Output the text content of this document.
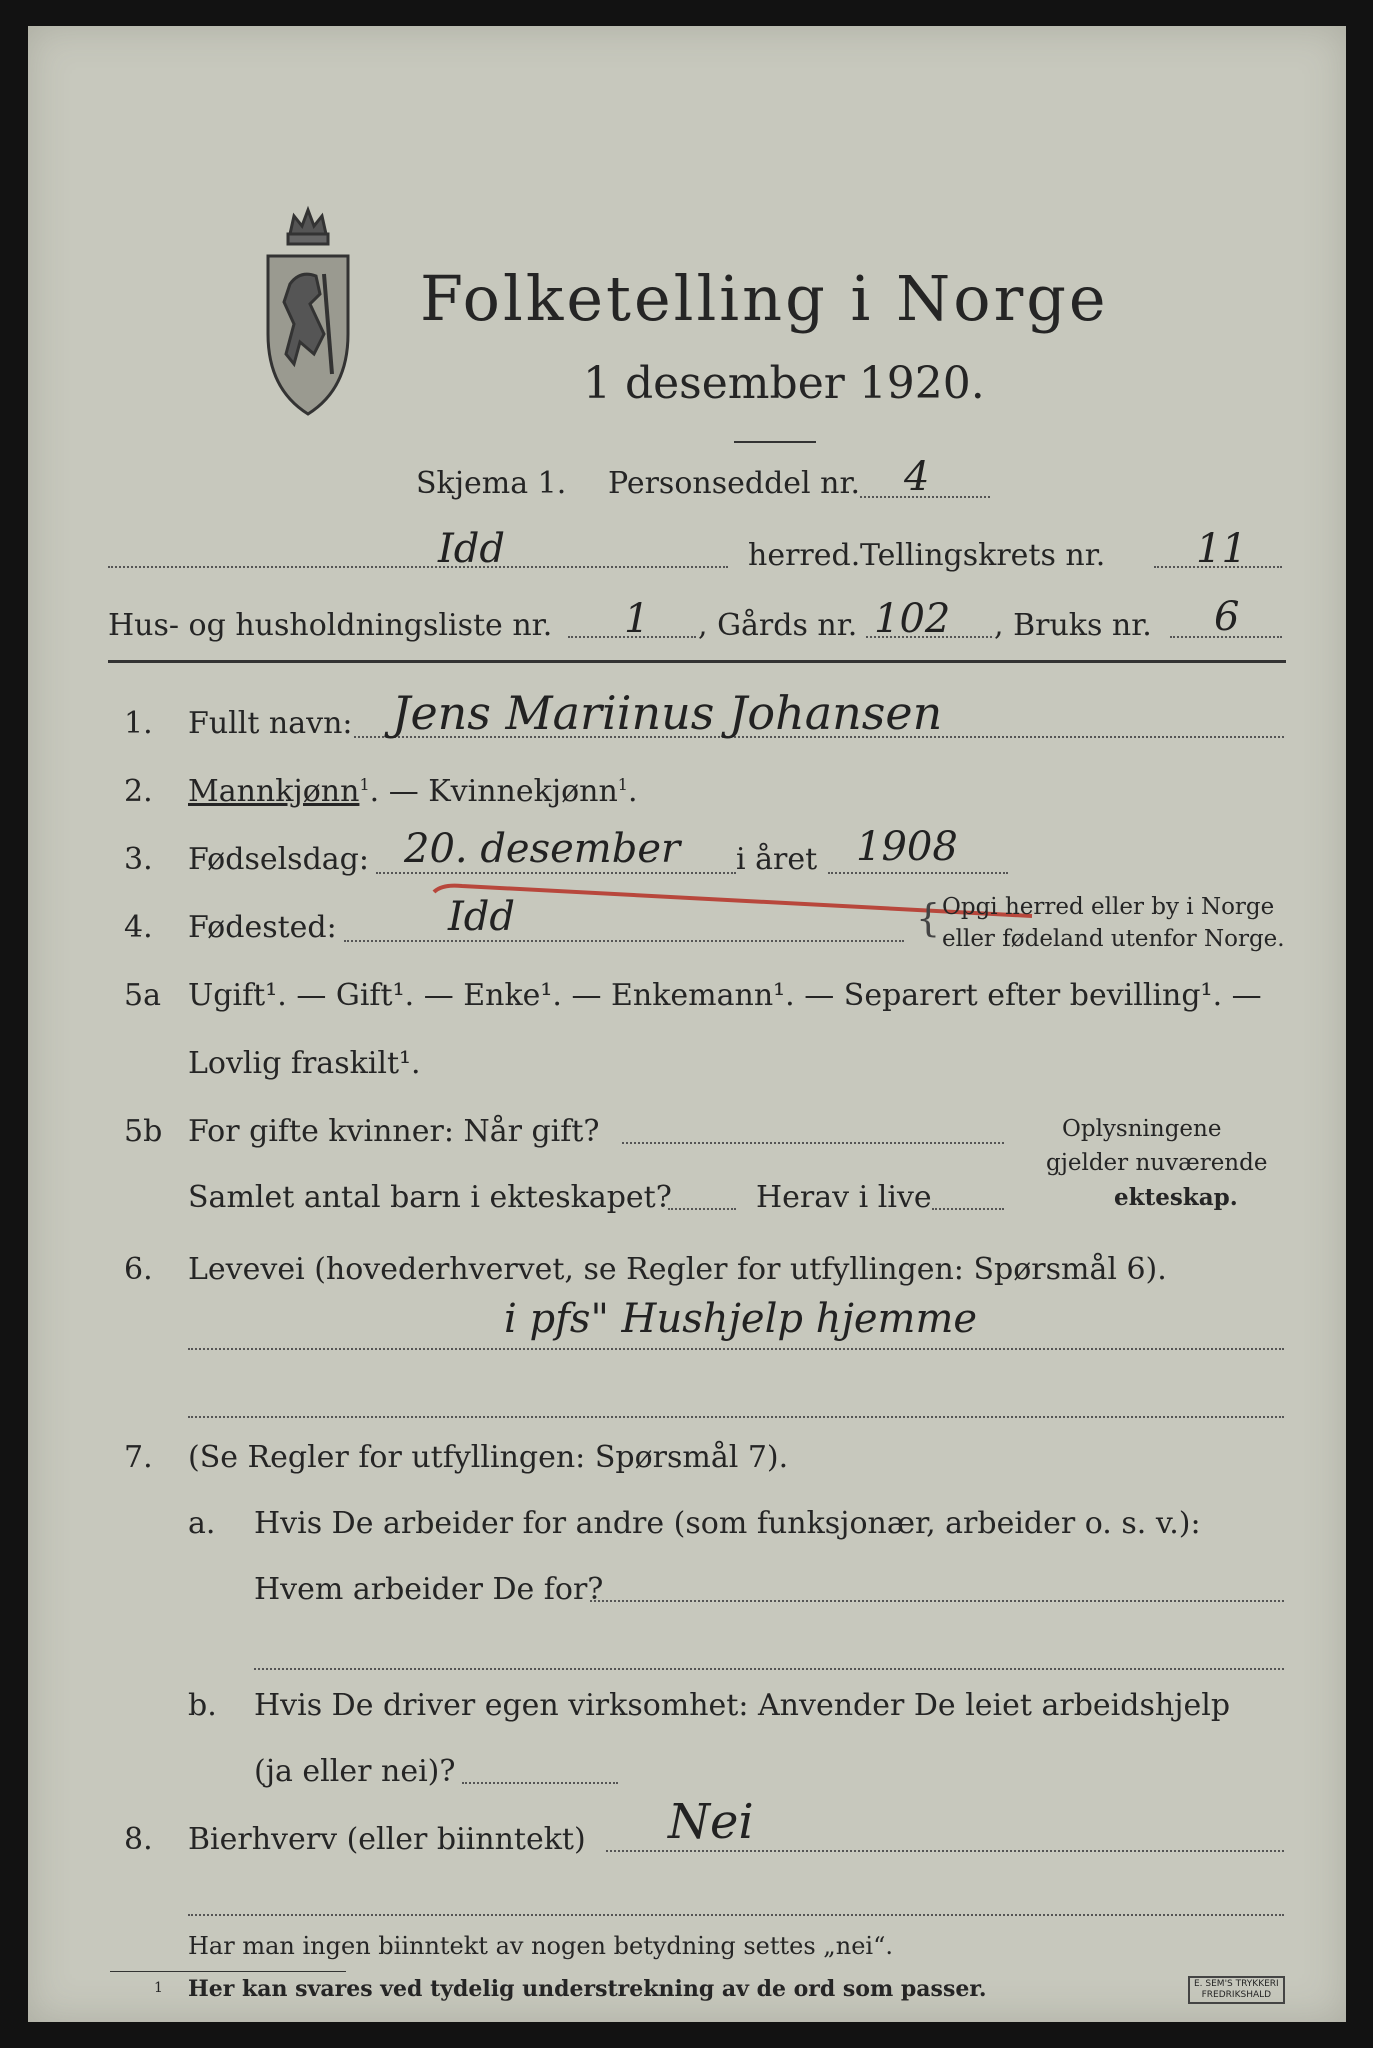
Folketelling i Norge
1 desember 1920.
Skjema 1. Personseddel nr. 4
Idd	herred. Tellingskrets nr. 11
Hus- og husholdningsliste nr. 1 , Gårds nr. 102 , Bruks nr. 6
1. Fullt navn: Jens Mariinus Johansen
2. Mannkjønn$^1$. — Kvinnekjønn$^1$.
3. Fødselsdag: 20. desember i året 1908
4. Fødested:	Idd	{ Opgi herred eller by i Norge
eller fødeland utenfor Norge.
5a Ugift¹. — Gift¹. — Enke¹. — Enkemann¹. — Separert efter bevilling¹. —
Lovlig fraskilt¹.
5b For gifte kvinner: Når gift?
Samlet antal barn i ekteskapet?	Herav i live
Oplysningene
gjelder nuværende
ekteskap.
6. Levevei (hovederhvervet, se Regler for utfyllingen: Spørsmål 6).
i pfs" Hushjelp hjemme
7. (Se Regler for utfyllingen: Spørsmål 7).
a. Hvis De arbeider for andre (som funksjonær, arbeider o. s. v.):
Hvem arbeider De for?
b. Hvis De driver egen virksomhet: Anvender De leiet arbeidshjelp
(ja eller nei)?
8. Bierhverv (eller biinntekt) Nei
Har man ingen biinntekt av nogen betydning settes „nei“.
1 Her kan svares ved tydelig understrekning av de ord som passer.	E. SEM'S TRYKKERI
FREDRIKSHALD
